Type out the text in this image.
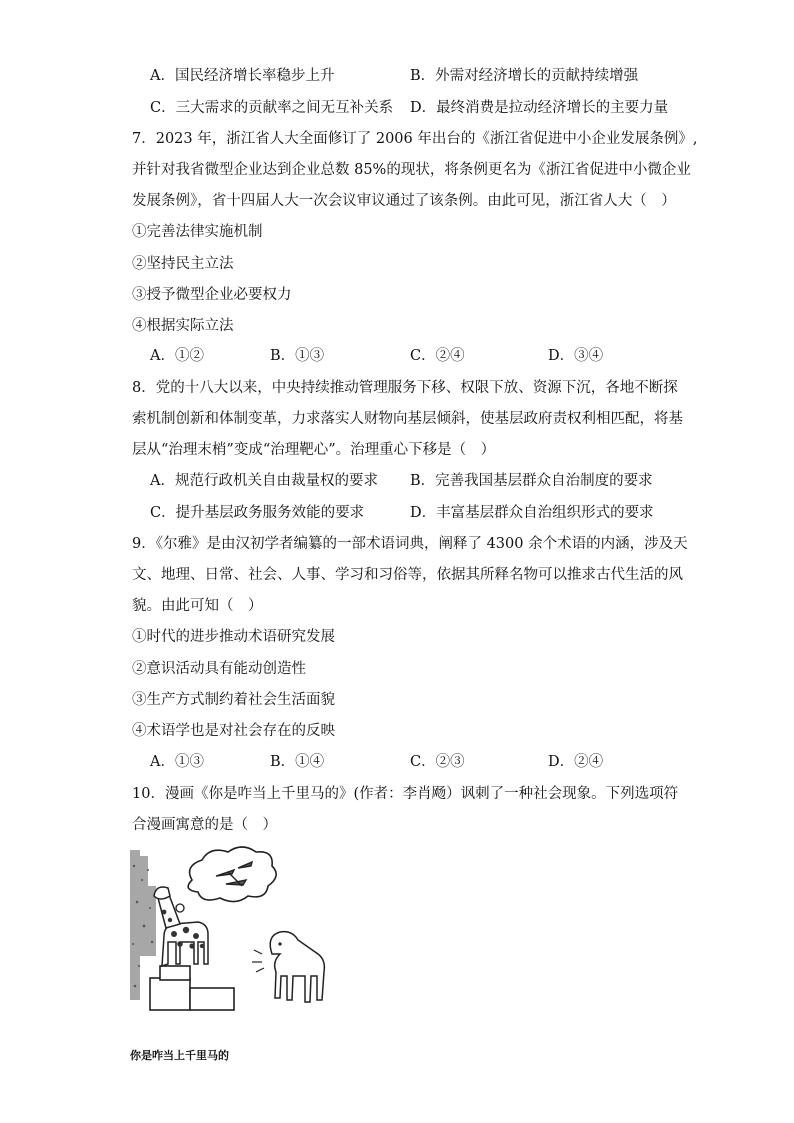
A．国民经济增长率稳步上升	B．外需对经济增长的贡献持续增强
C．三大需求的贡献率之间无互补关系 D．最终消费是拉动经济增长的主要力量
7．2023 年，浙江省人大全面修订了 2006 年出台的《浙江省促进中小企业发展条例》,
并针对我省微型企业达到企业总数 85%的现状，将条例更名为《浙江省促进中小微企业
发展条例》，省十四届人大一次会议审议通过了该条例。由此可见，浙江省人大（　）
①完善法律实施机制
②坚持民主立法
③授予微型企业必要权力
④根据实际立法
A．①②	B．①③	C．②④	D．③④
8．党的十八大以来，中央持续推动管理服务下移、权限下放、资源下沉，各地不断探
索机制创新和体制变革，力求落实人财物向基层倾斜，使基层政府责权利相匹配，将基
层从“治理末梢”变成“治理靶心”。治理重心下移是（　）
A．规范行政机关自由裁量权的要求 B．完善我国基层群众自治制度的要求
C．提升基层政务服务效能的要求	D．丰富基层群众自治组织形式的要求
9．《尔雅》是由汉初学者编纂的一部术语词典，阐释了 4300 余个术语的内涵，涉及天
文、地理、日常、社会、人事、学习和习俗等，依据其所释名物可以推求古代生活的风
貌。由此可知（　）
①时代的进步推动术语研究发展
②意识活动具有能动创造性
③生产方式制约着社会生活面貌
④术语学也是对社会存在的反映
A．①③	B．①④	C．②③	D．②④
10．漫画《你是咋当上千里马的》(作者：李肖飏）讽刺了一种社会现象。下列选项符
合漫画寓意的是（　）
你是咋当上千里马的
